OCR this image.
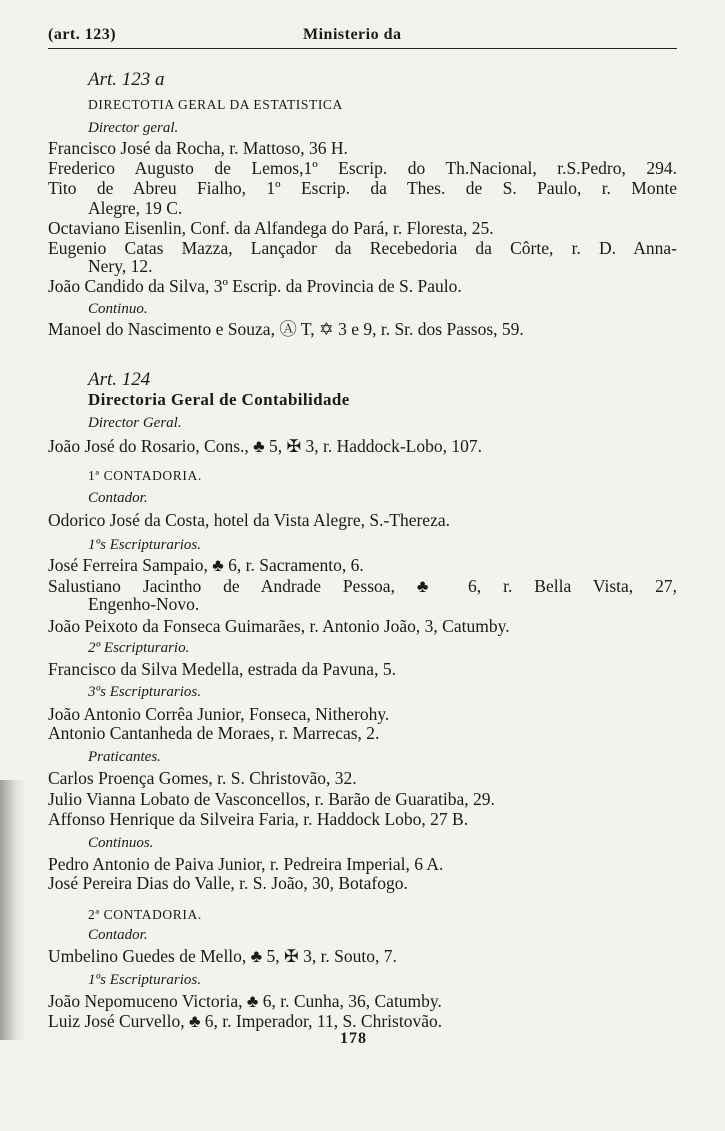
(art. 123)	Ministerio da
Art. 123 a
DIRECTOTIA GERAL DA ESTATISTICA
Director geral.
Francisco José da Rocha, r. Mattoso, 36 H.
Frederico Augusto de Lemos,1º Escrip. do Th.Nacional, r.S.Pedro, 294.
Tito de Abreu Fialho, 1º Escrip. da Thes. de S. Paulo, r. Monte
Alegre, 19 C.
Octaviano Eisenlin, Conf. da Alfandega do Pará, r. Floresta, 25.
Eugenio Catas Mazza, Lançador da Recebedoria da Côrte, r. D. Anna-
Nery, 12.
João Candido da Silva, 3º Escrip. da Provincia de S. Paulo.
Continuo.
Manoel do Nascimento e Souza, Ⓐ T, ✡ 3 e 9, r. Sr. dos Passos, 59.
Art. 124
Directoria Geral de Contabilidade
Director Geral.
João José do Rosario, Cons., ♣ 5, ✠ 3, r. Haddock-Lobo, 107.
1ª CONTADORIA.
Contador.
Odorico José da Costa, hotel da Vista Alegre, S.-Thereza.
1ºs Escripturarios.
José Ferreira Sampaio, ♣ 6, r. Sacramento, 6.
Salustiano Jacintho de Andrade Pessoa, ♣ 6, r. Bella Vista, 27,
Engenho-Novo.
João Peixoto da Fonseca Guimarães, r. Antonio João, 3, Catumby.
2º Escripturario.
Francisco da Silva Medella, estrada da Pavuna, 5.
3ºs Escripturarios.
João Antonio Corrêa Junior, Fonseca, Nitherohy.
Antonio Cantanheda de Moraes, r. Marrecas, 2.
Praticantes.
Carlos Proença Gomes, r. S. Christovão, 32.
Julio Vianna Lobato de Vasconcellos, r. Barão de Guaratiba, 29.
Affonso Henrique da Silveira Faria, r. Haddock Lobo, 27 B.
Continuos.
Pedro Antonio de Paiva Junior, r. Pedreira Imperial, 6 A.
José Pereira Dias do Valle, r. S. João, 30, Botafogo.
2ª CONTADORIA.
Contador.
Umbelino Guedes de Mello, ♣ 5, ✠ 3, r. Souto, 7.
1ºs Escripturarios.
João Nepomuceno Victoria, ♣ 6, r. Cunha, 36, Catumby.
Luiz José Curvello, ♣ 6, r. Imperador, 11, S. Christovão.
178
